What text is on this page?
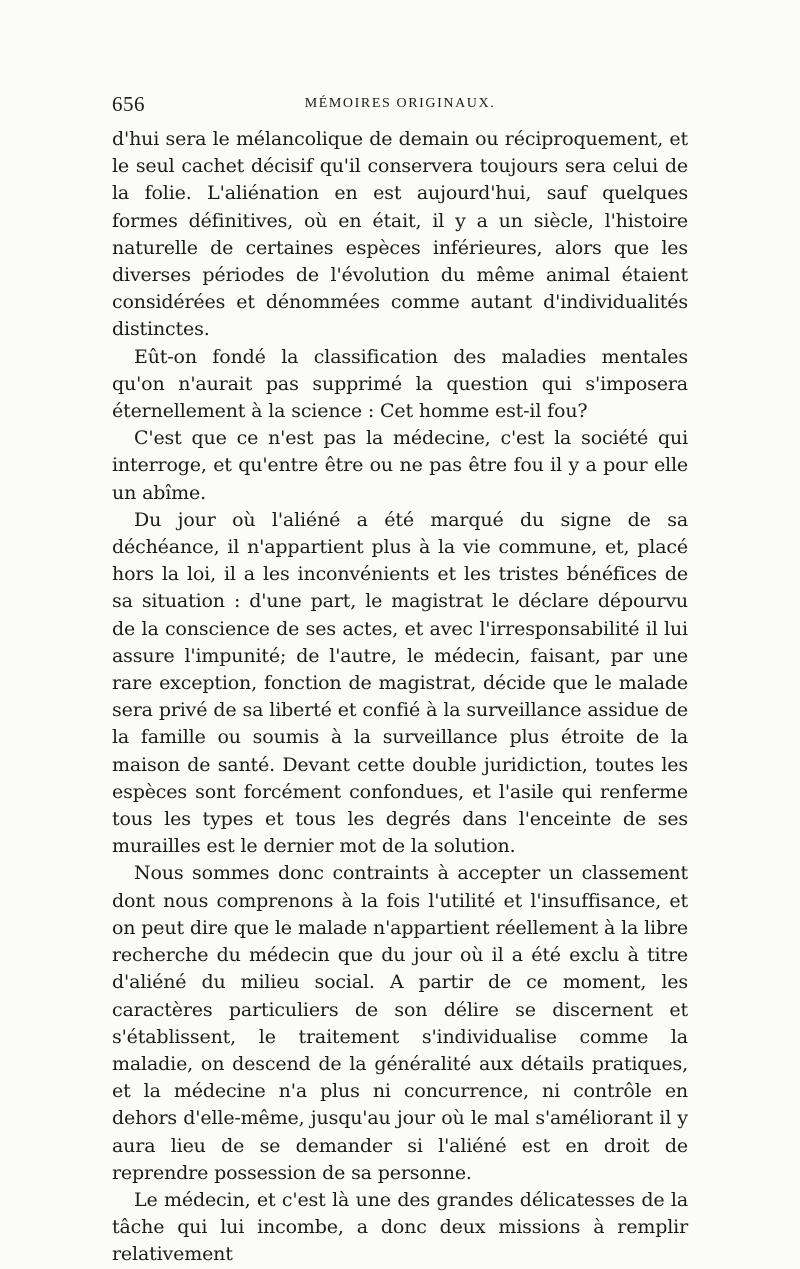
656	MÉMOIRES ORIGINAUX.

d'hui sera le mélancolique de demain ou réciproquement, et le seul cachet décisif qu'il conservera toujours sera celui de la folie. L'aliénation en est aujourd'hui, sauf quelques formes définitives, où en était, il y a un siècle, l'histoire naturelle de certaines espèces inférieures, alors que les diverses périodes de l'évolution du même animal étaient considérées et dénommées comme autant d'individualités distinctes.

Eût-on fondé la classification des maladies mentales qu'on n'aurait pas supprimé la question qui s'imposera éternellement à la science : Cet homme est-il fou?

C'est que ce n'est pas la médecine, c'est la société qui interroge, et qu'entre être ou ne pas être fou il y a pour elle un abîme.

Du jour où l'aliéné a été marqué du signe de sa déchéance, il n'appartient plus à la vie commune, et, placé hors la loi, il a les inconvénients et les tristes bénéfices de sa situation : d'une part, le magistrat le déclare dépourvu de la conscience de ses actes, et avec l'irresponsabilité il lui assure l'impunité; de l'autre, le médecin, faisant, par une rare exception, fonction de magistrat, décide que le malade sera privé de sa liberté et confié à la surveillance assidue de la famille ou soumis à la surveillance plus étroite de la maison de santé. Devant cette double juridiction, toutes les espèces sont forcément confondues, et l'asile qui renferme tous les types et tous les degrés dans l'enceinte de ses murailles est le dernier mot de la solution.

Nous sommes donc contraints à accepter un classement dont nous comprenons à la fois l'utilité et l'insuffisance, et on peut dire que le malade n'appartient réellement à la libre recherche du médecin que du jour où il a été exclu à titre d'aliéné du milieu social. A partir de ce moment, les caractères particuliers de son délire se discernent et s'établissent, le traitement s'individualise comme la maladie, on descend de la généralité aux détails pratiques, et la médecine n'a plus ni concurrence, ni contrôle en dehors d'elle-même, jusqu'au jour où le mal s'améliorant il y aura lieu de se demander si l'aliéné est en droit de reprendre possession de sa personne.

Le médecin, et c'est là une des grandes délicatesses de la tâche qui lui incombe, a donc deux missions à remplir relativement
